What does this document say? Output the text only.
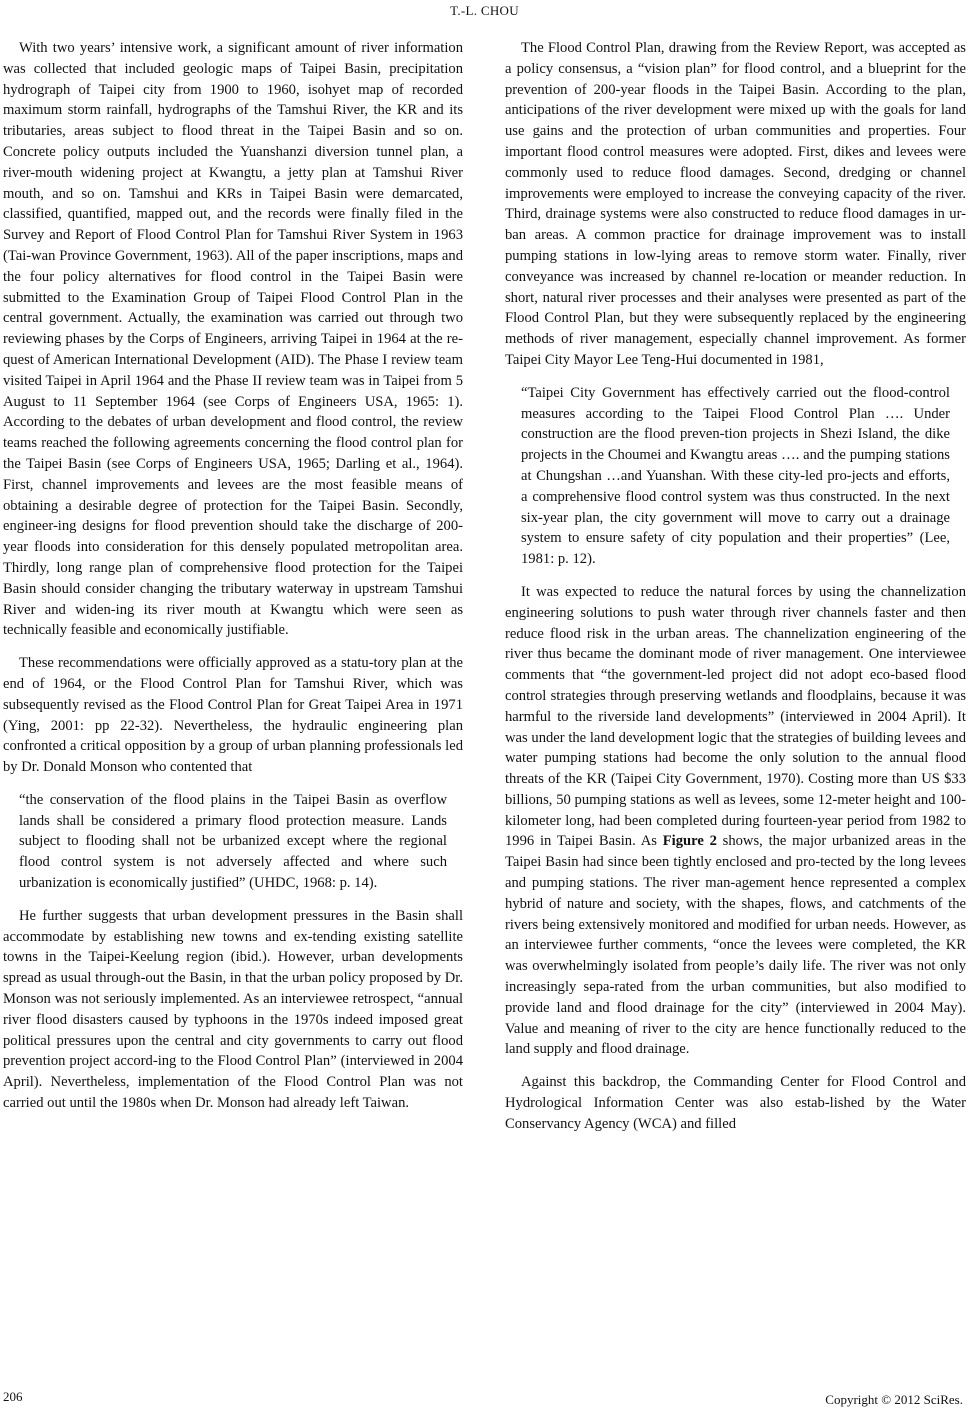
T.-L. CHOU

With two years’ intensive work, a significant amount of river information was collected that included geologic maps of Taipei Basin, precipitation hydrograph of Taipei city from 1900 to 1960, isohyet map of recorded maximum storm rainfall, hydrographs of the Tamshui River, the KR and its tributaries, areas subject to flood threat in the Taipei Basin and so on. Concrete policy outputs included the Yuanshanzi diversion tunnel plan, a river-mouth widening project at Kwangtu, a jetty plan at Tamshui River mouth, and so on. Tamshui and KRs in Taipei Basin were demarcated, classified, quantified, mapped out, and the records were finally filed in the Survey and Report of Flood Control Plan for Tamshui River System in 1963 (Tai-wan Province Government, 1963). All of the paper inscriptions, maps and the four policy alternatives for flood control in the Taipei Basin were submitted to the Examination Group of Taipei Flood Control Plan in the central government. Actually, the examination was carried out through two reviewing phases by the Corps of Engineers, arriving Taipei in 1964 at the re-quest of American International Development (AID). The Phase I review team visited Taipei in April 1964 and the Phase II review team was in Taipei from 5 August to 11 September 1964 (see Corps of Engineers USA, 1965: 1). According to the debates of urban development and flood control, the review teams reached the following agreements concerning the flood control plan for the Taipei Basin (see Corps of Engineers USA, 1965; Darling et al., 1964). First, channel improvements and levees are the most feasible means of obtaining a desirable degree of protection for the Taipei Basin. Secondly, engineer-ing designs for flood prevention should take the discharge of 200-year floods into consideration for this densely populated metropolitan area. Thirdly, long range plan of comprehensive flood protection for the Taipei Basin should consider changing the tributary waterway in upstream Tamshui River and widen-ing its river mouth at Kwangtu which were seen as technically feasible and economically justifiable.

These recommendations were officially approved as a statu-tory plan at the end of 1964, or the Flood Control Plan for Tamshui River, which was subsequently revised as the Flood Control Plan for Great Taipei Area in 1971 (Ying, 2001: pp 22-32). Nevertheless, the hydraulic engineering plan confronted a critical opposition by a group of urban planning professionals led by Dr. Donald Monson who contented that

“the conservation of the flood plains in the Taipei Basin as overflow lands shall be considered a primary flood protection measure. Lands subject to flooding shall not be urbanized except where the regional flood control system is not adversely affected and where such urbanization is economically justified” (UHDC, 1968: p. 14).

He further suggests that urban development pressures in the Basin shall accommodate by establishing new towns and ex-tending existing satellite towns in the Taipei-Keelung region (ibid.). However, urban developments spread as usual through-out the Basin, in that the urban policy proposed by Dr. Monson was not seriously implemented. As an interviewee retrospect, “annual river flood disasters caused by typhoons in the 1970s indeed imposed great political pressures upon the central and city governments to carry out flood prevention project accord-ing to the Flood Control Plan” (interviewed in 2004 April). Nevertheless, implementation of the Flood Control Plan was not carried out until the 1980s when Dr. Monson had already left Taiwan.

The Flood Control Plan, drawing from the Review Report, was accepted as a policy consensus, a “vision plan” for flood control, and a blueprint for the prevention of 200-year floods in the Taipei Basin. According to the plan, anticipations of the river development were mixed up with the goals for land use gains and the protection of urban communities and properties. Four important flood control measures were adopted. First, dikes and levees were commonly used to reduce flood damages. Second, dredging or channel improvements were employed to increase the conveying capacity of the river. Third, drainage systems were also constructed to reduce flood damages in ur-ban areas. A common practice for drainage improvement was to install pumping stations in low-lying areas to remove storm water. Finally, river conveyance was increased by channel re-location or meander reduction. In short, natural river processes and their analyses were presented as part of the Flood Control Plan, but they were subsequently replaced by the engineering methods of river management, especially channel improvement. As former Taipei City Mayor Lee Teng-Hui documented in 1981,

“Taipei City Government has effectively carried out the flood-control measures according to the Taipei Flood Control Plan …. Under construction are the flood preven-tion projects in Shezi Island, the dike projects in the Choumei and Kwangtu areas …. and the pumping stations at Chungshan …and Yuanshan. With these city-led pro-jects and efforts, a comprehensive flood control system was thus constructed. In the next six-year plan, the city government will move to carry out a drainage system to ensure safety of city population and their properties” (Lee, 1981: p. 12).

It was expected to reduce the natural forces by using the channelization engineering solutions to push water through river channels faster and then reduce flood risk in the urban areas. The channelization engineering of the river thus became the dominant mode of river management. One interviewee comments that “the government-led project did not adopt eco-based flood control strategies through preserving wetlands and floodplains, because it was harmful to the riverside land developments” (interviewed in 2004 April). It was under the land development logic that the strategies of building levees and water pumping stations had become the only solution to the annual flood threats of the KR (Taipei City Government, 1970). Costing more than US $33 billions, 50 pumping stations as well as levees, some 12-meter height and 100-kilometer long, had been completed during fourteen-year period from 1982 to 1996 in Taipei Basin. As Figure 2 shows, the major urbanized areas in the Taipei Basin had since been tightly enclosed and pro-tected by the long levees and pumping stations. The river man-agement hence represented a complex hybrid of nature and society, with the shapes, flows, and catchments of the rivers being extensively monitored and modified for urban needs. However, as an interviewee further comments, “once the levees were completed, the KR was overwhelmingly isolated from people’s daily life. The river was not only increasingly sepa-rated from the urban communities, but also modified to provide land and flood drainage for the city” (interviewed in 2004 May). Value and meaning of river to the city are hence functionally reduced to the land supply and flood drainage.

Against this backdrop, the Commanding Center for Flood Control and Hydrological Information Center was also estab-lished by the Water Conservancy Agency (WCA) and filled

206	Copyright © 2012 SciRes.
